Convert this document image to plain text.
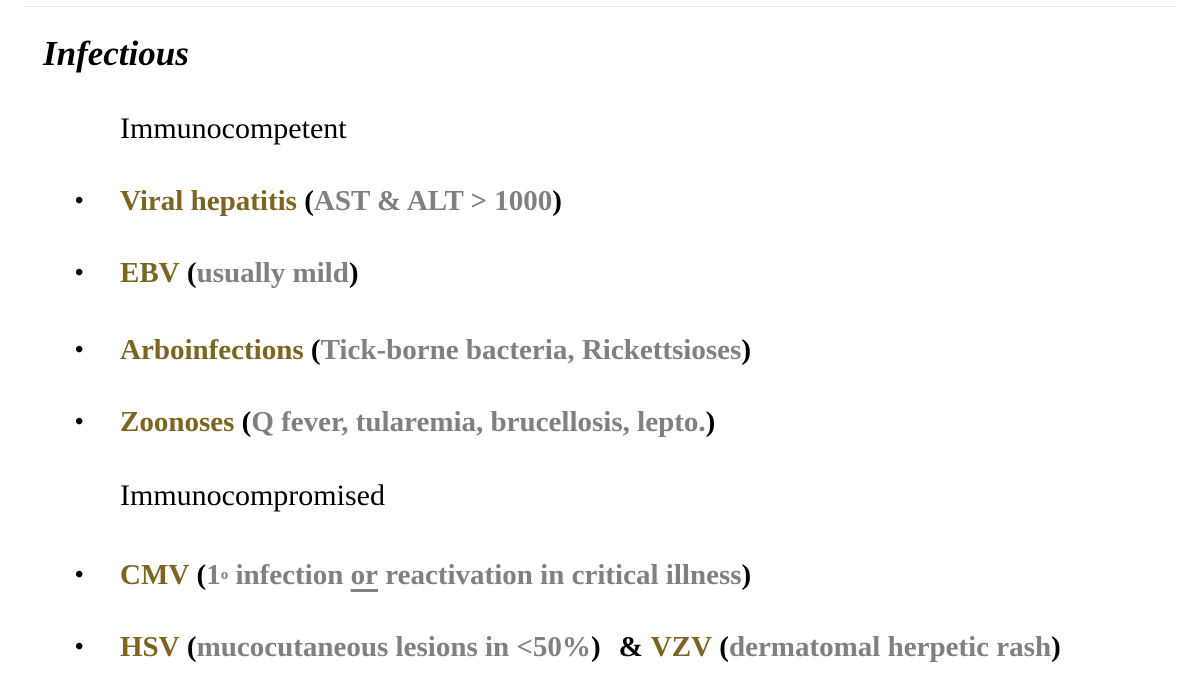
Infectious
Immunocompetent
•	Viral hepatitis ( AST & ALT > 1000 )
•	EBV ( usually mild )
•	Arboinfections ( Tick-borne bacteria, Rickettsioses )
•	Zoonoses ( Q fever, tularemia, brucellosis, lepto. )
Immunocompromised
•	CMV ( 1 o infection or reactivation in critical illness )
•	HSV ( mucocutaneous lesions in <50% ) & VZV ( dermatomal herpetic rash )
